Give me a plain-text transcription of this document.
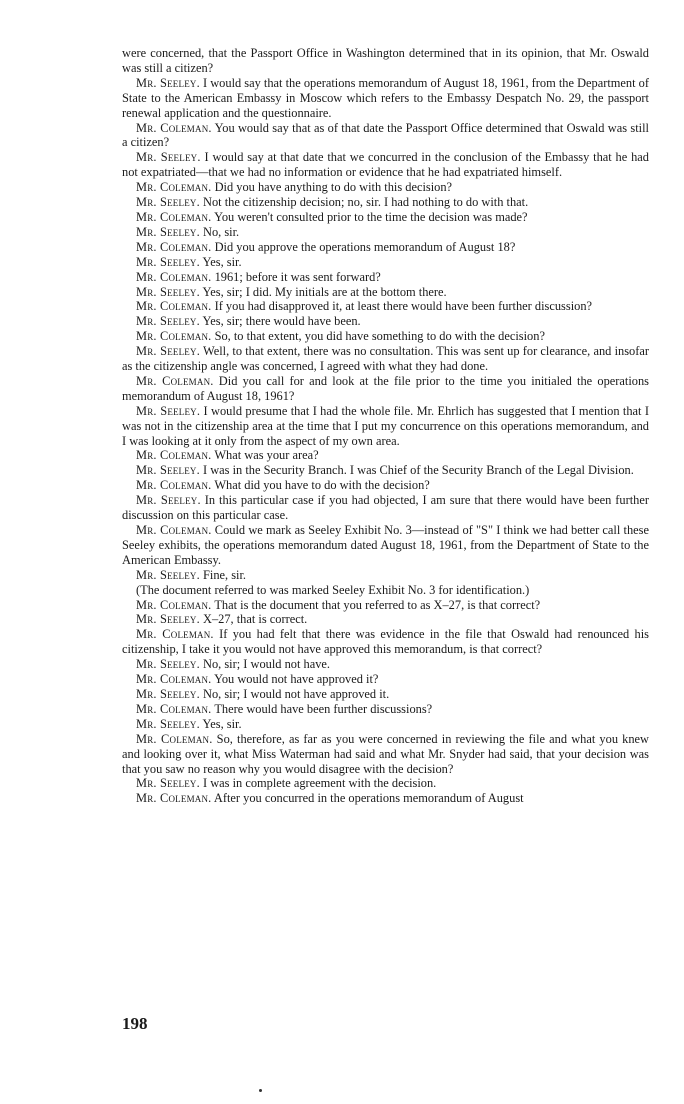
were concerned, that the Passport Office in Washington determined that in its opinion, that Mr. Oswald was still a citizen?

Mr. Seeley. I would say that the operations memorandum of August 18, 1961, from the Department of State to the American Embassy in Moscow which refers to the Embassy Despatch No. 29, the passport renewal application and the questionnaire.

Mr. Coleman. You would say that as of that date the Passport Office determined that Oswald was still a citizen?

Mr. Seeley. I would say at that date that we concurred in the conclusion of the Embassy that he had not expatriated—that we had no information or evidence that he had expatriated himself.

Mr. Coleman. Did you have anything to do with this decision?

Mr. Seeley. Not the citizenship decision; no, sir. I had nothing to do with that.

Mr. Coleman. You weren't consulted prior to the time the decision was made?

Mr. Seeley. No, sir.

Mr. Coleman. Did you approve the operations memorandum of August 18?

Mr. Seeley. Yes, sir.

Mr. Coleman. 1961; before it was sent forward?

Mr. Seeley. Yes, sir; I did. My initials are at the bottom there.

Mr. Coleman. If you had disapproved it, at least there would have been further discussion?

Mr. Seeley. Yes, sir; there would have been.

Mr. Coleman. So, to that extent, you did have something to do with the decision?

Mr. Seeley. Well, to that extent, there was no consultation. This was sent up for clearance, and insofar as the citizenship angle was concerned, I agreed with what they had done.

Mr. Coleman. Did you call for and look at the file prior to the time you initialed the operations memorandum of August 18, 1961?

Mr. Seeley. I would presume that I had the whole file. Mr. Ehrlich has suggested that I mention that I was not in the citizenship area at the time that I put my concurrence on this operations memorandum, and I was looking at it only from the aspect of my own area.

Mr. Coleman. What was your area?

Mr. Seeley. I was in the Security Branch. I was Chief of the Security Branch of the Legal Division.

Mr. Coleman. What did you have to do with the decision?

Mr. Seeley. In this particular case if you had objected, I am sure that there would have been further discussion on this particular case.

Mr. Coleman. Could we mark as Seeley Exhibit No. 3—instead of "S" I think we had better call these Seeley exhibits, the operations memorandum dated August 18, 1961, from the Department of State to the American Embassy.

Mr. Seeley. Fine, sir.

(The document referred to was marked Seeley Exhibit No. 3 for identification.)

Mr. Coleman. That is the document that you referred to as X–27, is that correct?

Mr. Seeley. X–27, that is correct.

Mr. Coleman. If you had felt that there was evidence in the file that Oswald had renounced his citizenship, I take it you would not have approved this memorandum, is that correct?

Mr. Seeley. No, sir; I would not have.

Mr. Coleman. You would not have approved it?

Mr. Seeley. No, sir; I would not have approved it.

Mr. Coleman. There would have been further discussions?

Mr. Seeley. Yes, sir.

Mr. Coleman. So, therefore, as far as you were concerned in reviewing the file and what you knew and looking over it, what Miss Waterman had said and what Mr. Snyder had said, that your decision was that you saw no reason why you would disagree with the decision?

Mr. Seeley. I was in complete agreement with the decision.

Mr. Coleman. After you concurred in the operations memorandum of August

198
